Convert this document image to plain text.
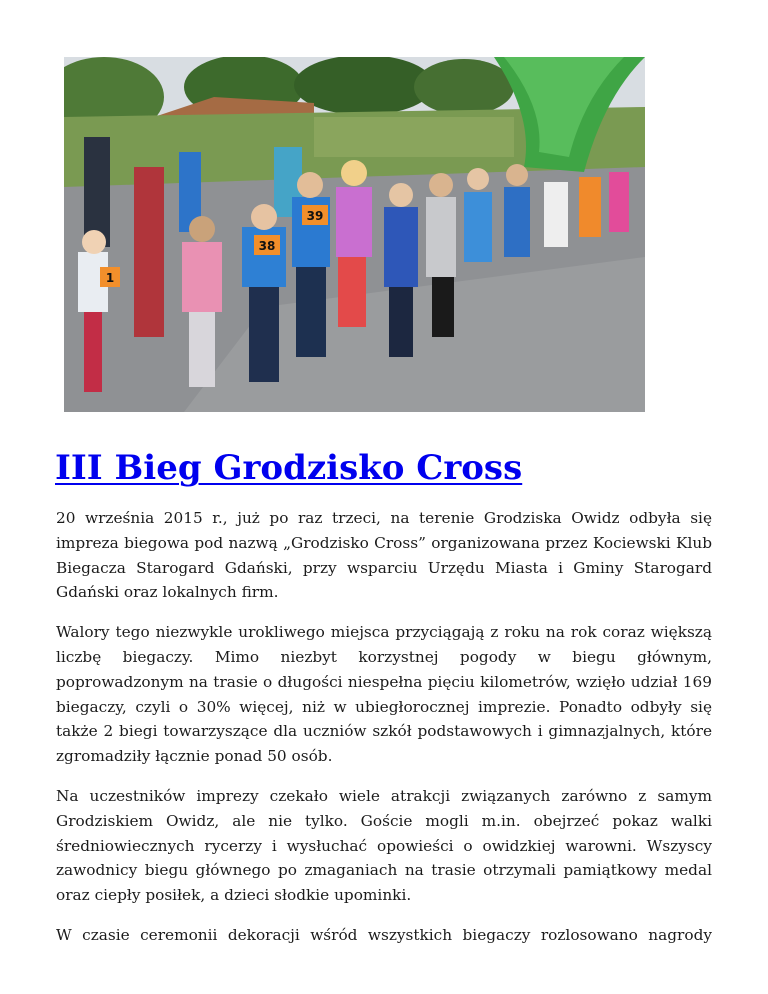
38
39
1
III Bieg Grodzisko Cross

20 września 2015 r., już po raz trzeci, na terenie Grodziska Owidz odbyła się impreza biegowa pod nazwą „Grodzisko Cross” organizowana przez Kociewski Klub Biegacza Starogard Gdański, przy wsparciu Urzędu Miasta i Gminy Starogard Gdański oraz lokalnych firm.

Walory tego niezwykle urokliwego miejsca przyciągają z roku na rok coraz większą liczbę biegaczy. Mimo niezbyt korzystnej pogody w biegu głównym, poprowadzonym na trasie o długości niespełna pięciu kilometrów, wzięło udział 169 biegaczy, czyli o 30% więcej, niż w ubiegłorocznej imprezie. Ponadto odbyły się także 2 biegi towarzyszące dla uczniów szkół podstawowych i gimnazjalnych, które zgromadziły łącznie ponad 50 osób.

Na uczestników imprezy czekało wiele atrakcji związanych zarówno z samym Grodziskiem Owidz, ale nie tylko. Goście mogli m.in. obejrzeć pokaz walki średniowiecznych rycerzy i wysłuchać opowieści o owidzkiej warowni. Wszyscy zawodnicy biegu głównego po zmaganiach na trasie otrzymali pamiątkowy medal oraz ciepły posiłek, a dzieci słodkie upominki.

W czasie ceremonii dekoracji wśród wszystkich biegaczy rozlosowano nagrody
